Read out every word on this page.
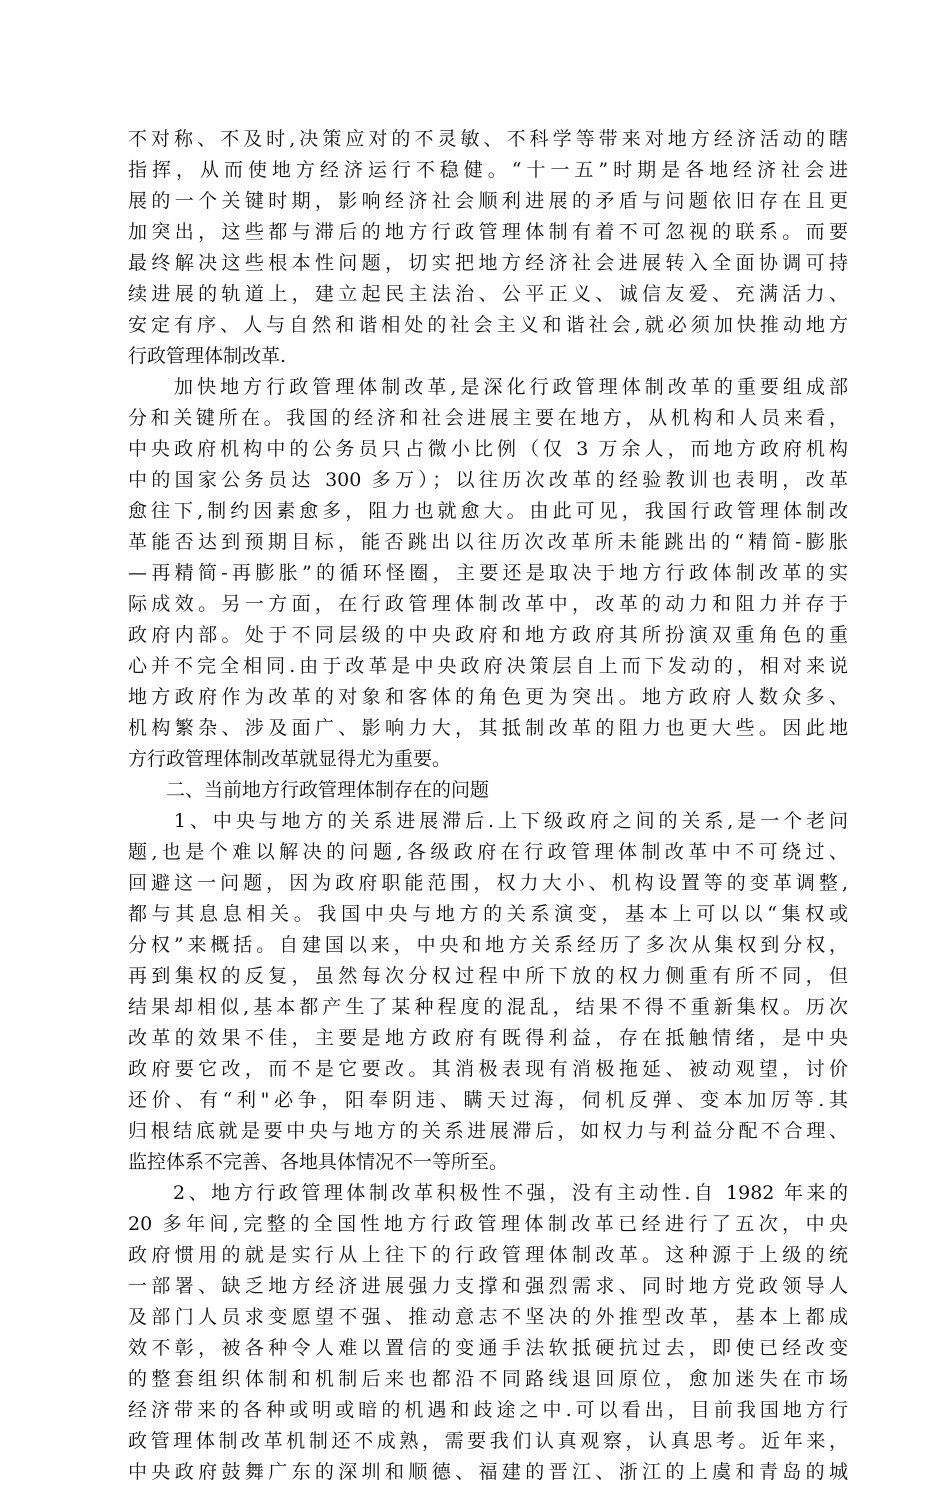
不对称、不及时,决策应对的不灵敏、不科学等带来对地方经济活动的瞎
指挥，从而使地方经济运行不稳健。“十一五”时期是各地经济社会进
展的一个关键时期，影响经济社会顺利进展的矛盾与问题依旧存在且更
加突出，这些都与滞后的地方行政管理体制有着不可忽视的联系。而要
最终解决这些根本性问题，切实把地方经济社会进展转入全面协调可持
续进展的轨道上，建立起民主法治、公平正义、诚信友爱、充满活力、
安定有序、人与自然和谐相处的社会主义和谐社会,就必须加快推动地方
行政管理体制改革.
　　加快地方行政管理体制改革,是深化行政管理体制改革的重要组成部
分和关键所在。我国的经济和社会进展主要在地方，从机构和人员来看，
中央政府机构中的公务员只占微小比例（仅 3 万余人，而地方政府机构
中的国家公务员达 300 多万）；以往历次改革的经验教训也表明，改革
愈往下,制约因素愈多，阻力也就愈大。由此可见，我国行政管理体制改
革能否达到预期目标，能否跳出以往历次改革所未能跳出的“精简-膨胀
—再精简-再膨胀”的循环怪圈，主要还是取决于地方行政体制改革的实
际成效。另一方面，在行政管理体制改革中，改革的动力和阻力并存于
政府内部。处于不同层级的中央政府和地方政府其所扮演双重角色的重
心并不完全相同.由于改革是中央政府决策层自上而下发动的，相对来说
地方政府作为改革的对象和客体的角色更为突出。地方政府人数众多、
机构繁杂、涉及面广、影响力大，其抵制改革的阻力也更大些。因此地
方行政管理体制改革就显得尤为重要。
　　二、当前地方行政管理体制存在的问题
　　1、中央与地方的关系进展滞后.上下级政府之间的关系,是一个老问
题,也是个难以解决的问题,各级政府在行政管理体制改革中不可绕过、
回避这一问题，因为政府职能范围，权力大小、机构设置等的变革调整,
都与其息息相关。我国中央与地方的关系演变，基本上可以以“集权或
分权”来概括。自建国以来，中央和地方关系经历了多次从集权到分权，
再到集权的反复，虽然每次分权过程中所下放的权力侧重有所不同，但
结果却相似,基本都产生了某种程度的混乱，结果不得不重新集权。历次
改革的效果不佳，主要是地方政府有既得利益，存在抵触情绪，是中央
政府要它改，而不是它要改。其消极表现有消极拖延、被动观望，讨价
还价、有“利"必争，阳奉阴违、瞒天过海，伺机反弹、变本加厉等.其
归根结底就是要中央与地方的关系进展滞后，如权力与利益分配不合理、
监控体系不完善、各地具体情况不一等所至。
　　2、地方行政管理体制改革积极性不强，没有主动性.自 1982 年来的
20 多年间,完整的全国性地方行政管理体制改革已经进行了五次，中央
政府惯用的就是实行从上往下的行政管理体制改革。这种源于上级的统
一部署、缺乏地方经济进展强力支撑和强烈需求、同时地方党政领导人
及部门人员求变愿望不强、推动意志不坚决的外推型改革，基本上都成
效不彰，被各种令人难以置信的变通手法软抵硬抗过去，即使已经改变
的整套组织体制和机制后来也都沿不同路线退回原位，愈加迷失在市场
经济带来的各种或明或暗的机遇和歧途之中.可以看出，目前我国地方行
政管理体制改革机制还不成熟，需要我们认真观察，认真思考。近年来，
中央政府鼓舞广东的深圳和顺德、福建的晋江、浙江的上虞和青岛的城
